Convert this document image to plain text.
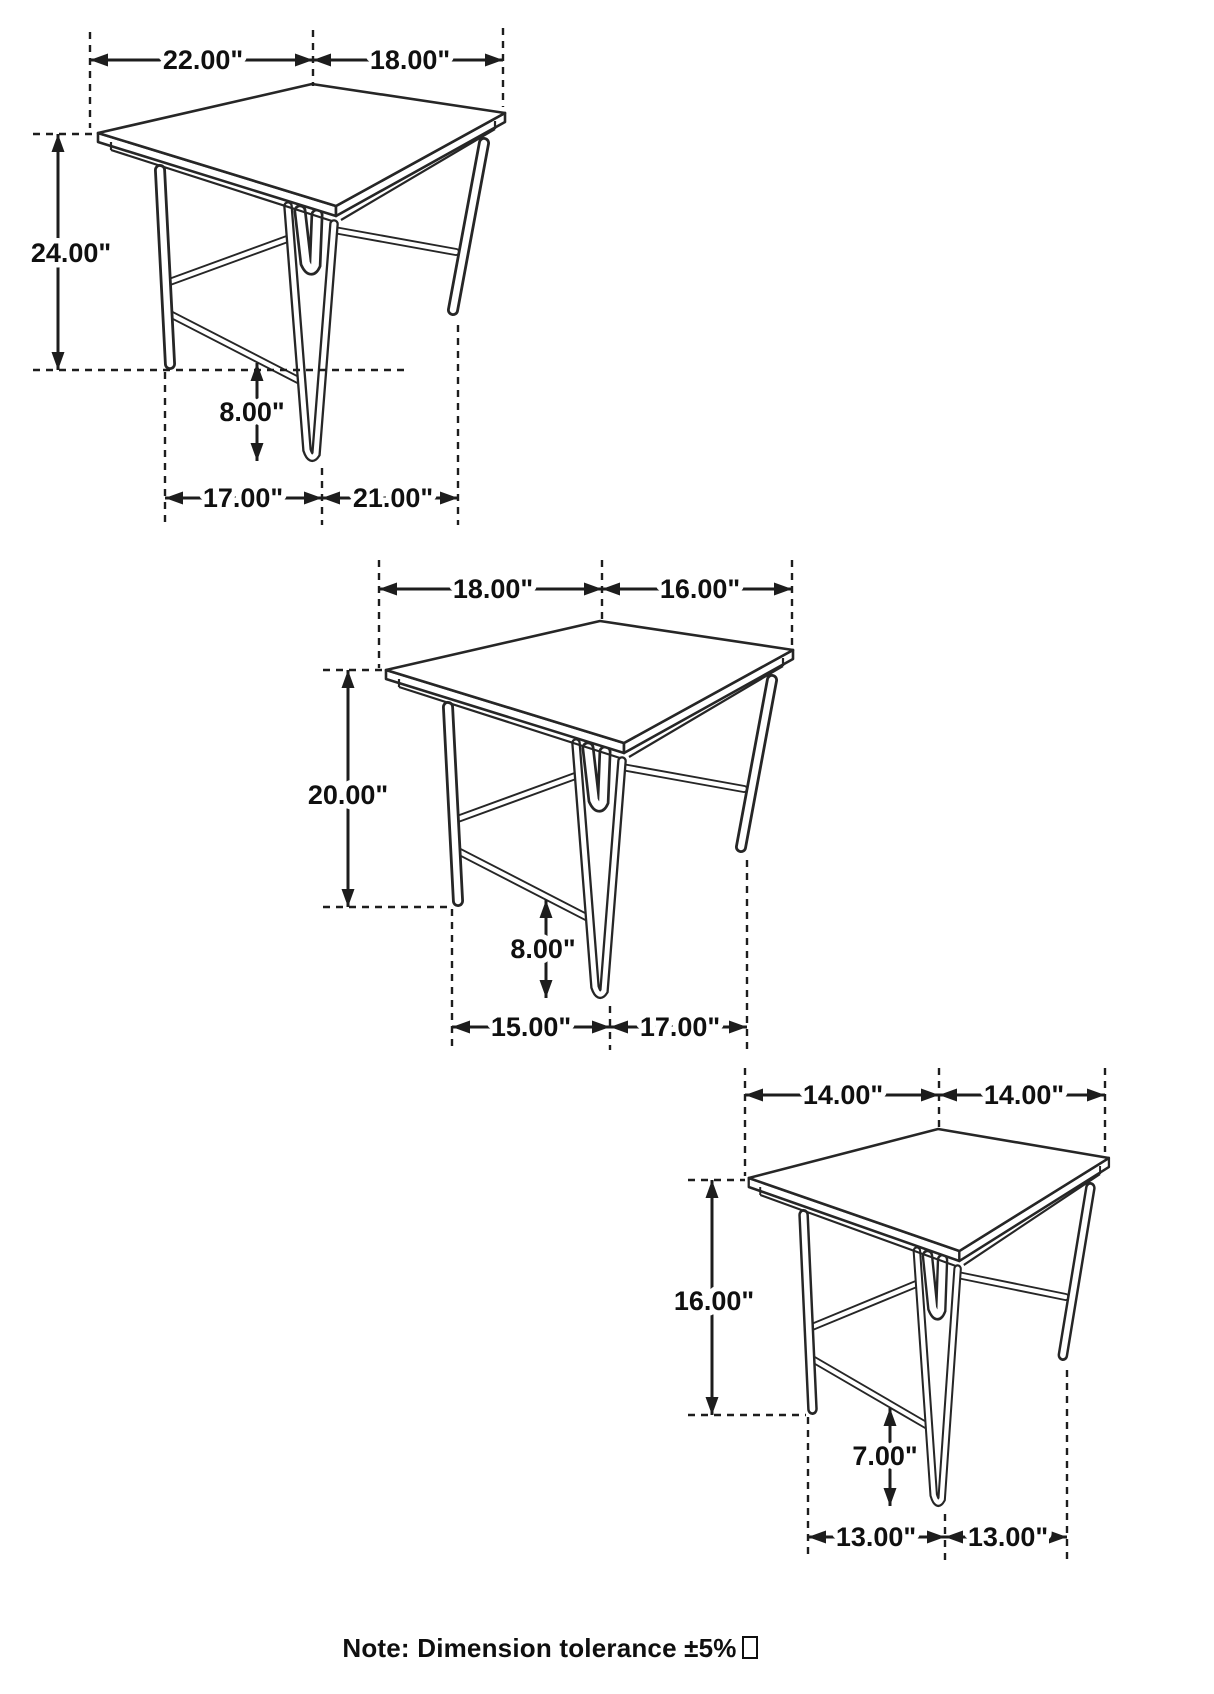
22.00"	18.00"
24.00"
8.00"
17.00"	21.00"
18.00"	16.00"
20.00"
8.00"
15.00"	17.00"
14.00"	14.00"
16.00"
7.00"
13.00" 13.00"
Note: Dimension tolerance ±5%
